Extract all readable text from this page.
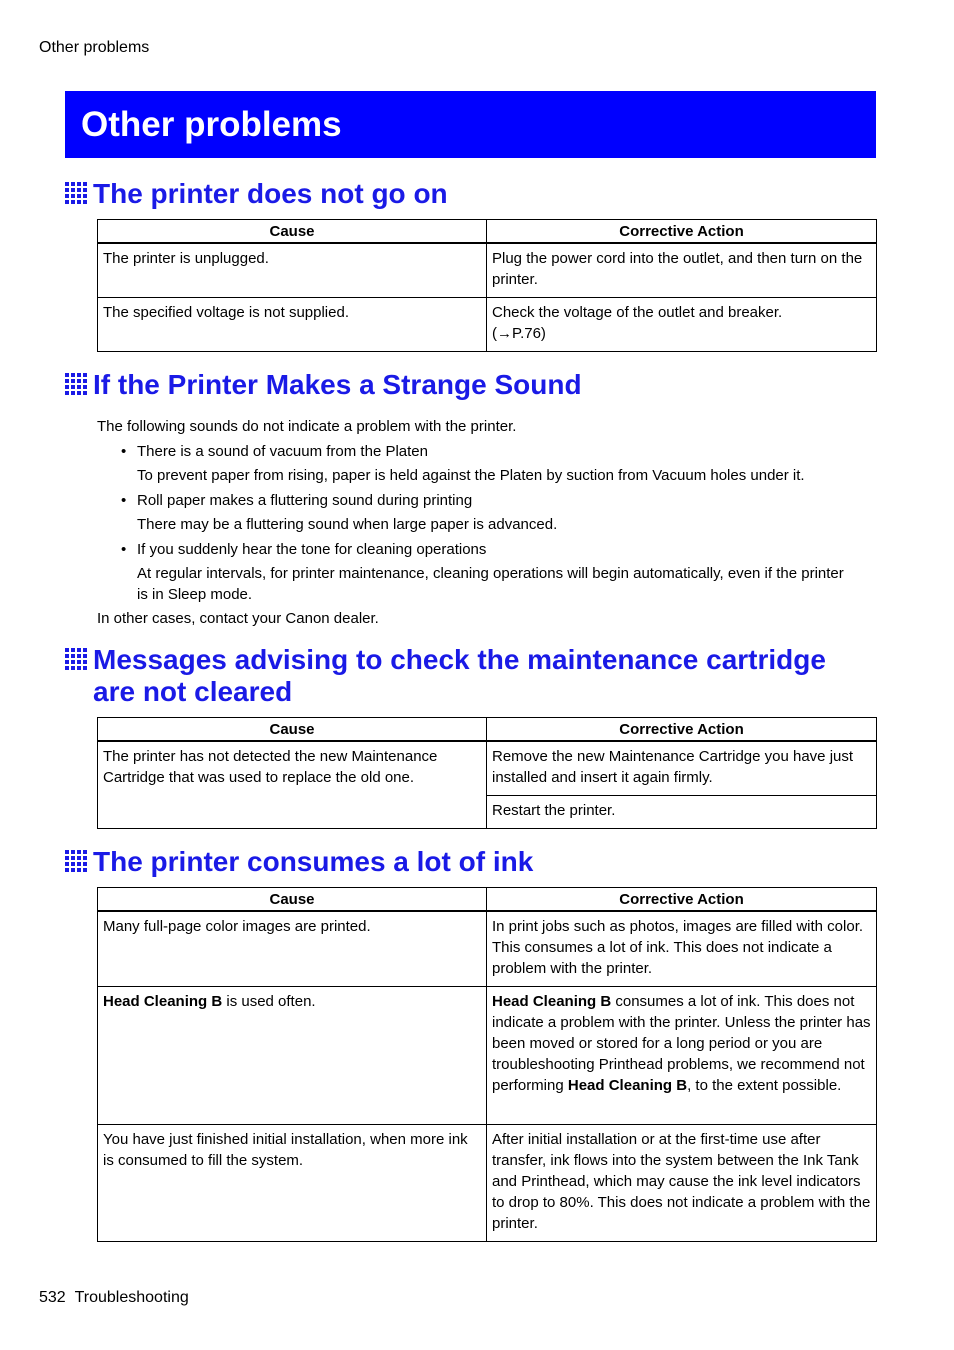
Other problems
Other problems
The printer does not go on
Cause	Corrective Action
The printer is unplugged.	Plug the power cord into the outlet, and then turn on the printer.
The specified voltage is not supplied.	Check the voltage of the outlet and breaker.
(→P.76)
If the Printer Makes a Strange Sound
The following sounds do not indicate a problem with the printer.
• There is a sound of vacuum from the Platen
To prevent paper from rising, paper is held against the Platen by suction from Vacuum holes under it.
• Roll paper makes a fluttering sound during printing
There may be a fluttering sound when large paper is advanced.
• If you suddenly hear the tone for cleaning operations
At regular intervals, for printer maintenance, cleaning operations will begin automatically, even if the printer is in Sleep mode.
In other cases, contact your Canon dealer.
Messages advising to check the maintenance cartridge
are not cleared
Cause	Corrective Action
The printer has not detected the new Maintenance Cartridge that was used to replace the old one.	Remove the new Maintenance Cartridge you have just installed and insert it again firmly.
	Restart the printer.
The printer consumes a lot of ink
Cause	Corrective Action
Many full-page color images are printed.	In print jobs such as photos, images are filled with color. This consumes a lot of ink. This does not indicate a problem with the printer.
Head Cleaning B is used often.	Head Cleaning B consumes a lot of ink. This does not indicate a problem with the printer. Unless the printer has been moved or stored for a long period or you are troubleshooting Printhead problems, we recommend not performing Head Cleaning B, to the extent possible.
You have just finished initial installation, when more ink is consumed to fill the system.	After initial installation or at the first-time use after transfer, ink flows into the system between the Ink Tank and Printhead, which may cause the ink level indicators to drop to 80%. This does not indicate a problem with the printer.
532 Troubleshooting
